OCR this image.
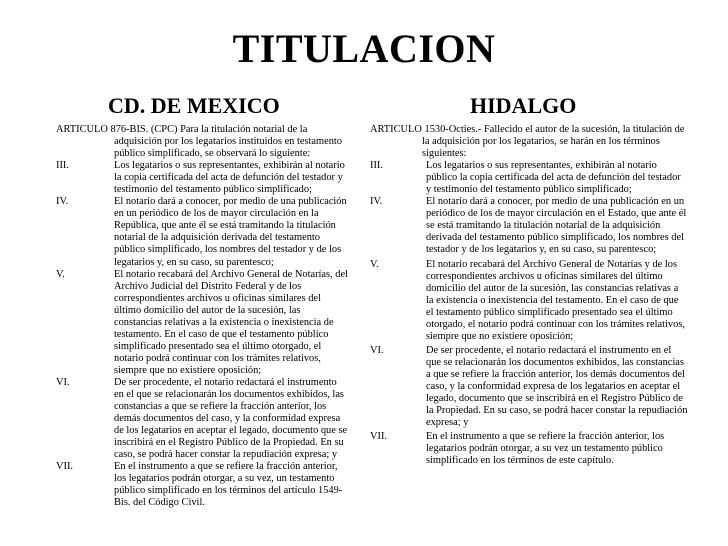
TITULACION
CD. DE MEXICO	HIDALGO
ARTICULO 876-BIS. (CPC) Para la titulación notarial de la adquisición por los legatarios instituidos en testamento público simplificado, se observará lo siguiente:
III.	Los legatarios o sus representantes, exhibirán al notario la copia certificada del acta de defunción del testador y testimonio del testamento público simplificado;
IV.	El notario dará a conocer, por medio de una publicación en un periódico de los de mayor circulación en la República, que ante él se está tramitando la titulación notarial de la adquisición derivada del testamento público simplificado, los nombres del testador y de los legatarios y, en su caso, su parentesco;
V.	El notario recabará del Archivo General de Notarías, del Archivo Judicial del Distrito Federal y de los correspondientes archivos u oficinas similares del último domicilio del autor de la sucesión, las constancias relativas a la existencia o inexistencia de testamento. En el caso de que el testamento público simplificado presentado sea el último otorgado, el notario podrá continuar con los trámites relativos, siempre que no existiere oposición;
VI.	De ser procedente, el notario redactará el instrumento en el que se relacionarán los documentos exhibidos, las constancias a que se refiere la fracción anterior, los demás documentos del caso, y la conformidad expresa de los legatarios en aceptar el legado, documento que se inscribirá en el Registro Público de la Propiedad. En su caso, se podrá hacer constar la repudiación expresa; y
VII.	En el instrumento a que se refiere la fracción anterior, los legatarios podrán otorgar, a su vez, un testamento público simplificado en los términos del artículo 1549-Bis. del Código Civil.
ARTICULO 1530-Octies.- Fallecido el autor de la sucesión, la titulación de la adquisición por los legatarios, se harán en los términos siguientes:
III.	Los legatarios o sus representantes, exhibirán al notario público la copia certificada del acta de defunción del testador y testimonio del testamento público simplificado;
IV.	El notario dará a conocer, por medio de una publicación en un periódico de los de mayor circulación en el Estado, que ante él se está tramitando la titulación notarial de la adquisición derivada del testamento público simplificado, los nombres del testador y de los legatarios y, en su caso, su parentesco;
V.	El notario recabará del Archivo General de Notarías y de los correspondientes archivos u oficinas similares del último domicilio del autor de la sucesión, las constancias relativas a la existencia o inexistencia del testamento. En el caso de que el testamento público simplificado presentado sea el último otorgado, el notario podrá continuar con los trámites relativos, siempre que no existiere oposición;
VI.	De ser procedente, el notario redactará el instrumento en el que se relacionarán los documentos exhibidos, las constancias a que se refiere la fracción anterior, los demás documentos del caso, y la conformidad expresa de los legatarios en aceptar el legado, documento que se inscribirá en el Registro Público de la Propiedad. En su caso, se podrá hacer constar la repudiación expresa; y
VII.	En el instrumento a que se refiere la fracción anterior, los legatarios podrán otorgar, a su vez un testamento público simplificado en los términos de este capítulo.
